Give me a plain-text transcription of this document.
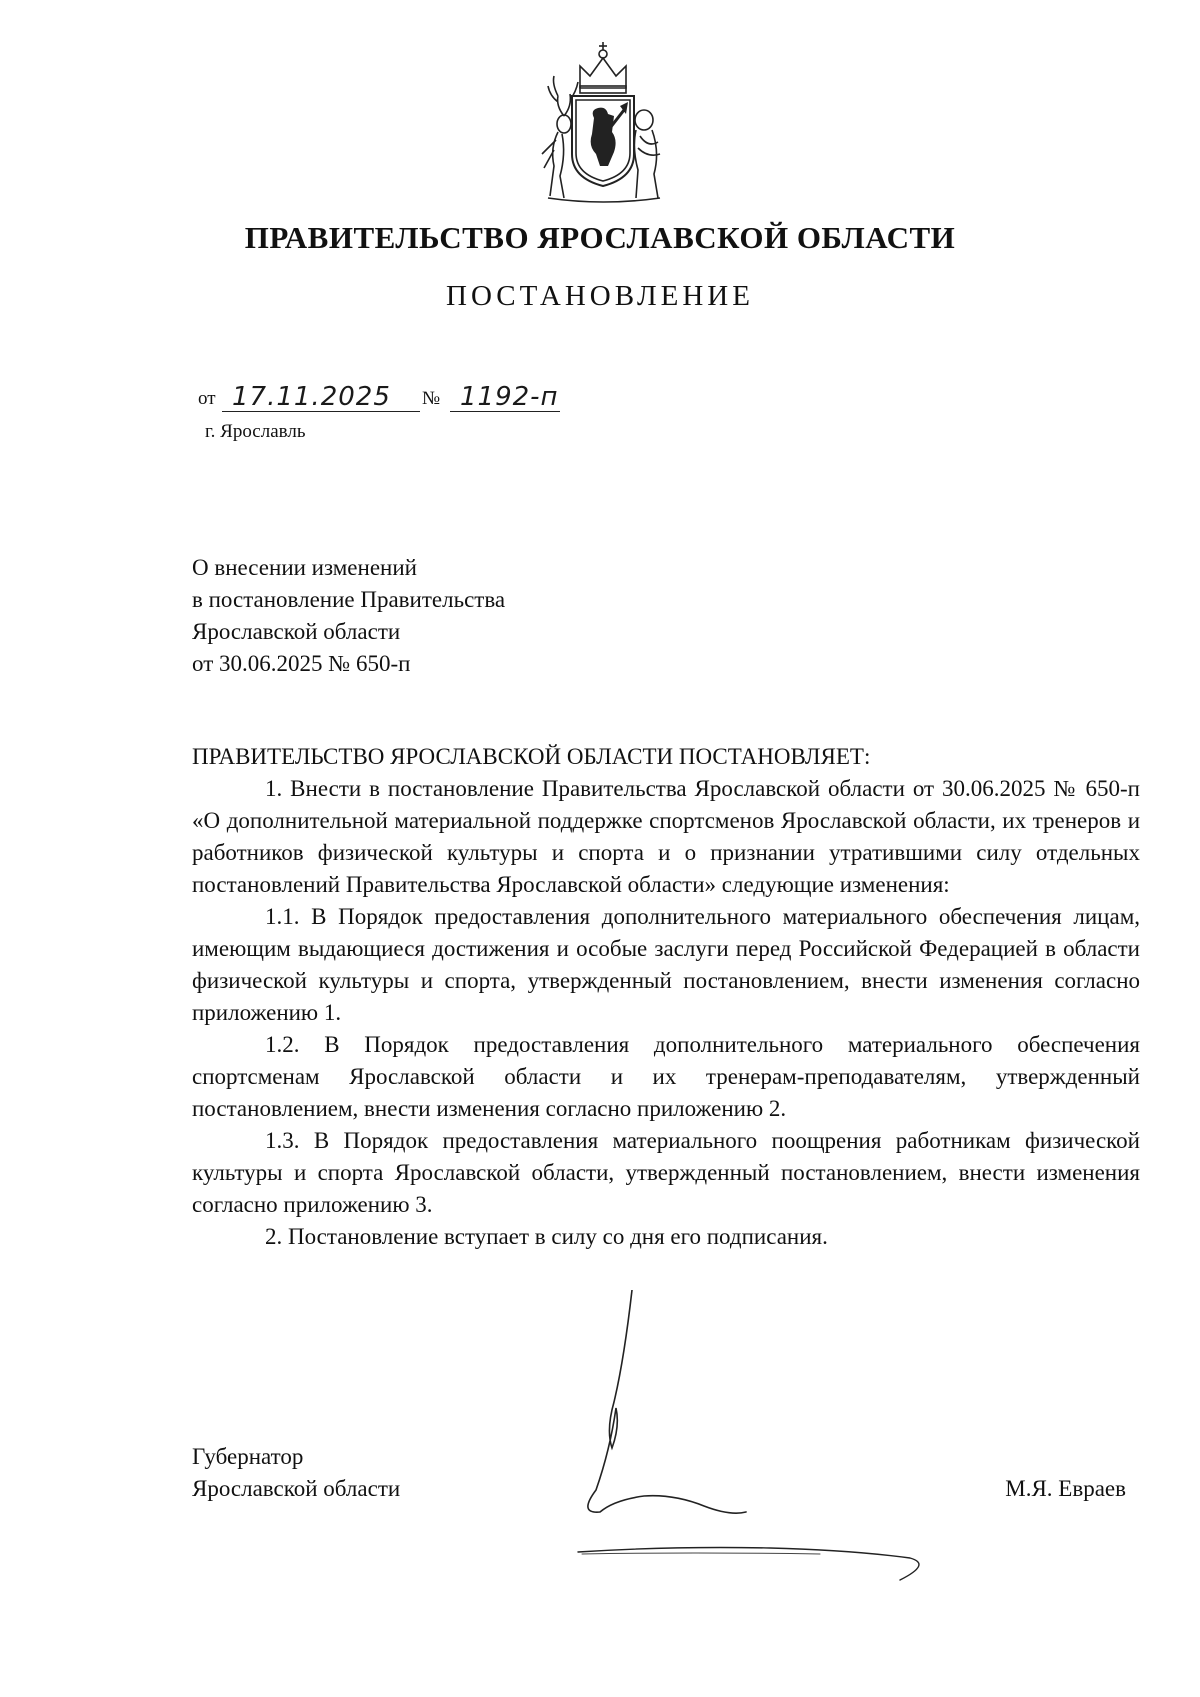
ПРАВИТЕЛЬСТВО ЯРОСЛАВСКОЙ ОБЛАСТИ
ПОСТАНОВЛЕНИЕ
от 17.11.2025 № 1192-п
г. Ярославль
О внесении изменений
в постановление Правительства
Ярославской области
от 30.06.2025 № 650-п
ПРАВИТЕЛЬСТВО ЯРОСЛАВСКОЙ ОБЛАСТИ ПОСТАНОВЛЯЕТ:

1. Внести в постановление Правительства Ярославской области от 30.06.2025 № 650-п «О дополнительной материальной поддержке спортсменов Ярославской области, их тренеров и работников физической культуры и спорта и о признании утратившими силу отдельных постановлений Правительства Ярославской области» следующие изменения:

1.1. В Порядок предоставления дополнительного материального обеспечения лицам, имеющим выдающиеся достижения и особые заслуги перед Российской Федерацией в области физической культуры и спорта, утвержденный постановлением, внести изменения согласно приложению 1.

1.2. В Порядок предоставления дополнительного материального обеспечения спортсменам Ярославской области и их тренерам-преподавателям, утвержденный постановлением, внести изменения согласно приложению 2.

1.3. В Порядок предоставления материального поощрения работникам физической культуры и спорта Ярославской области, утвержденный постановлением, внести изменения согласно приложению 3.

2. Постановление вступает в силу со дня его подписания.

Губернатор
Ярославской области	М.Я. Евраев
